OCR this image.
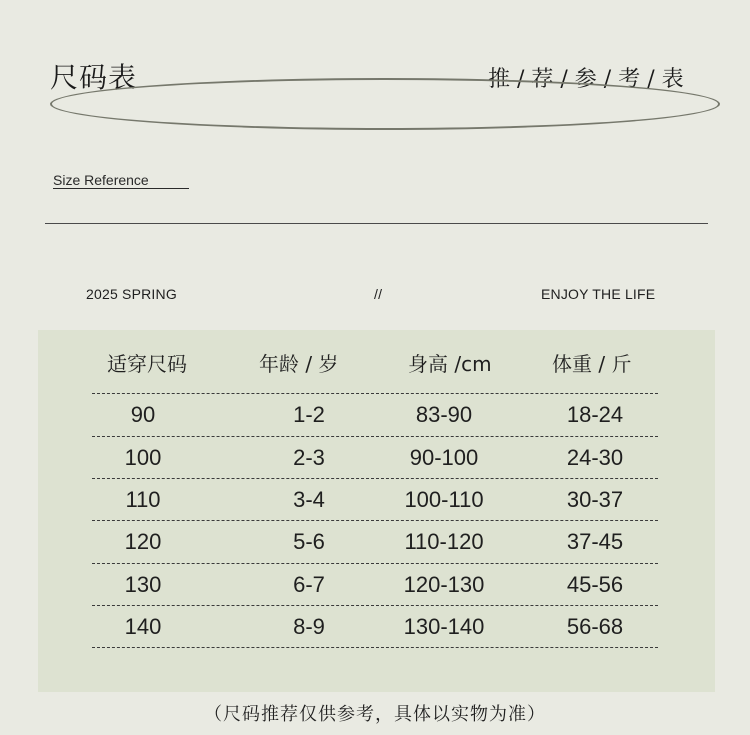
尺码表	推 / 荐 / 参 / 考 / 表
Size Reference
2025 SPRING	//	ENJOY THE LIFE
适穿尺码	年龄 / 岁	身高 /cm	体重 / 斤
90	1-2	83-90	18-24
100	2-3	90-100	24-30
110	3-4	100-110	30-37
120	5-6	110-120	37-45
130	6-7	120-130	45-56
140	8-9	130-140	56-68
（尺码推荐仅供参考，具体以实物为准）
